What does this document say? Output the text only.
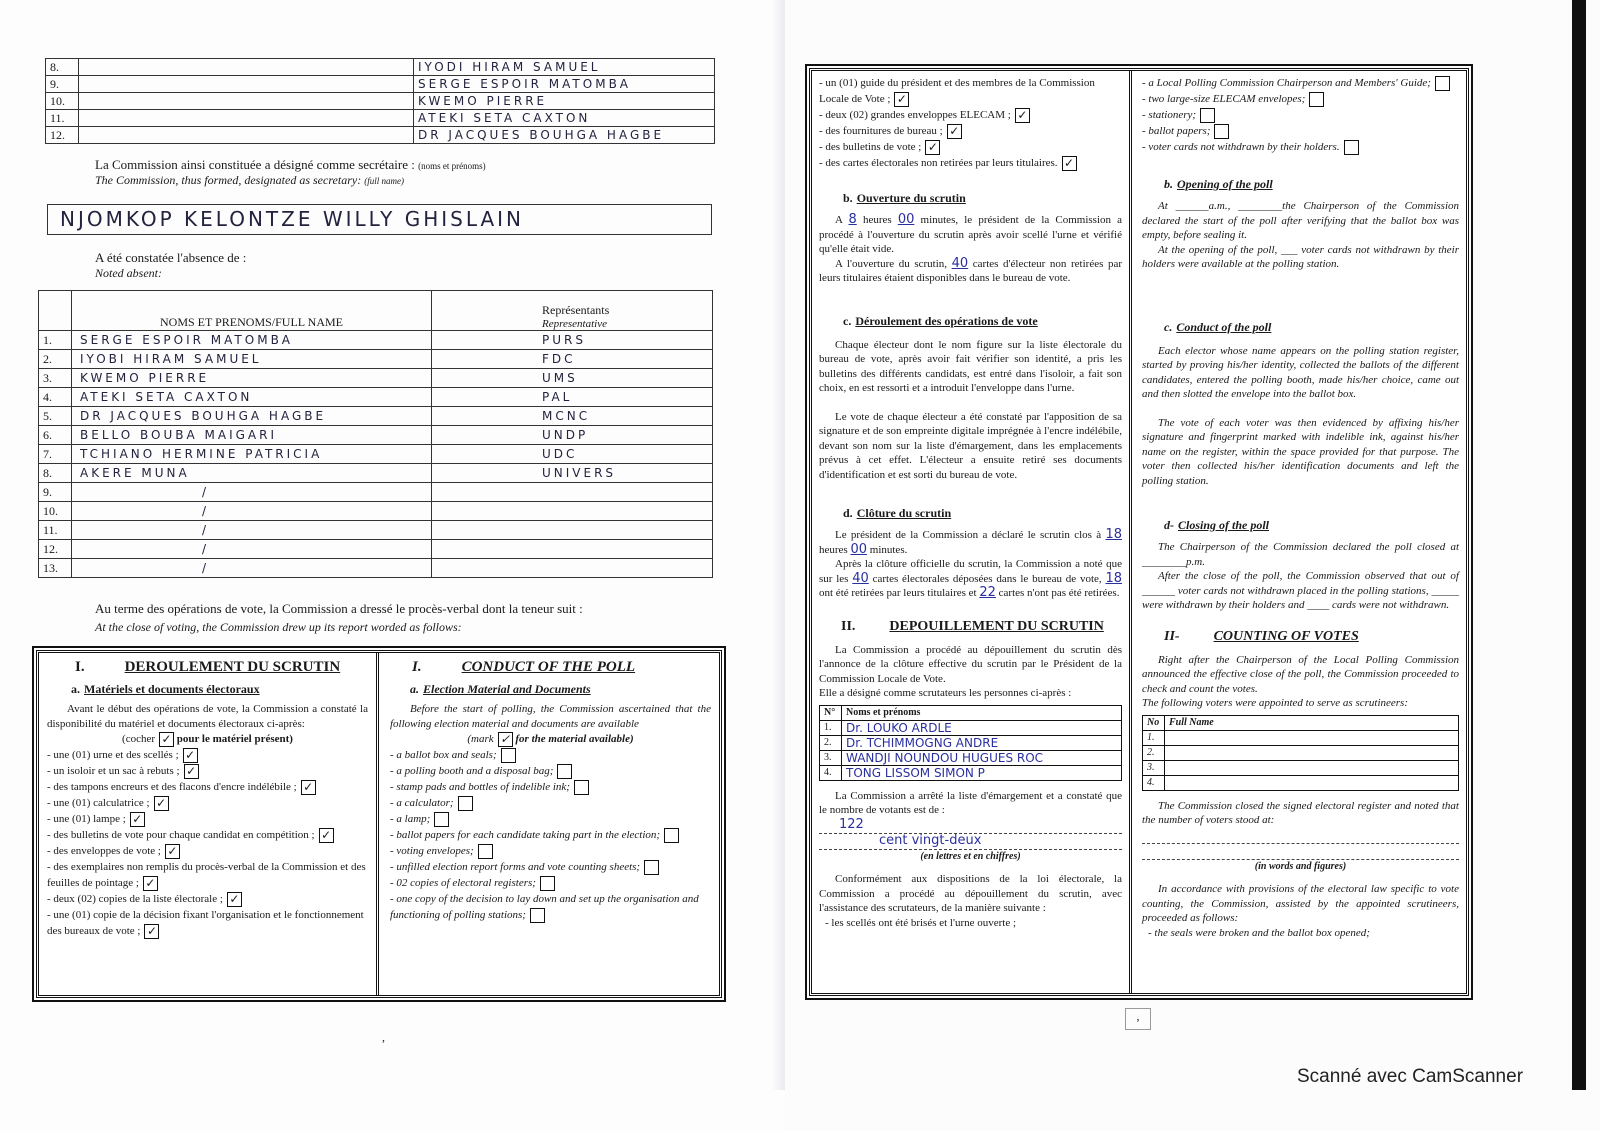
8.		IYODI HIRAM SAMUEL
9.		SERGE ESPOIR MATOMBA
10.		KWEMO PIERRE
11.		ATEKI SETA CAXTON
12.		DR JACQUES BOUHGA HAGBE
La Commission ainsi constituée a désigné comme secrétaire : (noms et prénoms)
The Commission, thus formed, designated as secretary: (full name)
NJOMKOP KELONTZE WILLY GHISLAIN
A été constatée l'absence de :
Noted absent:
	NOMS ET PRENOMS/FULL NAME	Représentants
Representative

1.	SERGE ESPOIR MATOMBA	PURS
2.	IYOBI HIRAM SAMUEL	FDC
3.	KWEMO PIERRE	UMS
4.	ATEKI SETA CAXTON	PAL
5.	DR JACQUES BOUHGA HAGBE	MCNC
6.	BELLO BOUBA MAIGARI	UNDP
7.	TCHIANO HERMINE PATRICIA	UDC
8.	AKERE MUNA	UNIVERS
9.	/	
10.	/	
11.	/	
12.	/	
13.	/	
Au terme des opérations de vote, la Commission a dressé le procès-verbal dont la teneur suit :
At the close of voting, the Commission drew up its report worded as follows:
I.	DEROULEMENT DU SCRUTIN
a. Matériels et documents électoraux
Avant le début des opérations de vote, la Commission a constaté la disponibilité du matériel et documents électoraux ci-après:
(cocher ✓ pour le matériel présent)
- une (01) urne et des scellés ; ✓
- un isoloir et un sac à rebuts ; ✓
- des tampons encreurs et des flacons d'encre indélébile ; ✓
- une (01) calculatrice ; ✓
- une (01) lampe ; ✓
- des bulletins de vote pour chaque candidat en compétition ; ✓
- des enveloppes de vote ; ✓
- des exemplaires non remplis du procès-verbal de la Commission et des feuilles de pointage ; ✓
- deux (02) copies de la liste électorale ; ✓
- une (01) copie de la décision fixant l'organisation et le fonctionnement des bureaux de vote ; ✓
I.	CONDUCT OF THE POLL
a. Election Material and Documents
Before the start of polling, the Commission ascertained that the following election material and documents are available
(mark ✓ for the material available)
- a ballot box and seals;
- a polling booth and a disposal bag;
- stamp pads and bottles of indelible ink;
- a calculator;
- a lamp;
- ballot papers for each candidate taking part in the election;
- voting envelopes;
- unfilled election report forms and vote counting sheets;
- 02 copies of electoral registers;
- one copy of the decision to lay down and set up the organisation and functioning of polling stations;
,
- un (01) guide du président et des membres de la Commission Locale de Vote ; ✓
- deux (02) grandes enveloppes ELECAM ; ✓
- des fournitures de bureau ; ✓
- des bulletins de vote ; ✓
- des cartes électorales non retirées par leurs titulaires. ✓
b. Ouverture du scrutin
A 8 heures 00 minutes, le président de la Commission a procédé à l'ouverture du scrutin après avoir scellé l'urne et vérifié qu'elle était vide.
A l'ouverture du scrutin, 40 cartes d'électeur non retirées par leurs titulaires étaient disponibles dans le bureau de vote.
c. Déroulement des opérations de vote
Chaque électeur dont le nom figure sur la liste électorale du bureau de vote, après avoir fait vérifier son identité, a pris les bulletins des différents candidats, est entré dans l'isoloir, a fait son choix, en est ressorti et a introduit l'enveloppe dans l'urne.
Le vote de chaque électeur a été constaté par l'apposition de sa signature et de son empreinte digitale imprégnée à l'encre indélébile, devant son nom sur la liste d'émargement, dans les emplacements prévus à cet effet. L'électeur a ensuite retiré ses documents d'identification et est sorti du bureau de vote.
d. Clôture du scrutin
Le président de la Commission a déclaré le scrutin clos à 18 heures 00 minutes.
Après la clôture officielle du scrutin, la Commission a noté que sur les 40 cartes électorales déposées dans le bureau de vote, 18 ont été retirées par leurs titulaires et 22 cartes n'ont pas été retirées.
II. DEPOUILLEMENT DU SCRUTIN
La Commission a procédé au dépouillement du scrutin dès l'annonce de la clôture effective du scrutin par le Président de la Commission Locale de Vote.
Elle a désigné comme scrutateurs les personnes ci-après :
N°	Noms et prénoms
1.	Dr. LOUKO ARDLE
2.	Dr. TCHIMMOGNG ANDRE
3.	WANDJI NOUNDOU HUGUES ROC
4.	TONG LISSOM SIMON P
La Commission a arrêté la liste d'émargement et a constaté que le nombre de votants est de :
122
cent vingt-deux
(en lettres et en chiffres)
Conformément aux dispositions de la loi électorale, la Commission a procédé au dépouillement du scrutin, avec l'assistance des scrutateurs, de la manière suivante :
- les scellés ont été brisés et l'urne ouverte ;
- a Local Polling Commission Chairperson and Members' Guide;
- two large-size ELECAM envelopes;
- stationery;
- ballot papers;
- voter cards not withdrawn by their holders.
b. Opening of the poll
At ______a.m., ________the Chairperson of the Commission declared the start of the poll after verifying that the ballot box was empty, before sealing it.
At the opening of the poll, ___ voter cards not withdrawn by their holders were available at the polling station.
c. Conduct of the poll
Each elector whose name appears on the polling station register, started by proving his/her identity, collected the ballots of the different candidates, entered the polling booth, made his/her choice, came out and then slotted the envelope into the ballot box.
The vote of each voter was then evidenced by affixing his/her signature and fingerprint marked with indelible ink, against his/her name on the register, within the space provided for that purpose. The voter then collected his/her identification documents and left the polling station.
d- Closing of the poll
The Chairperson of the Commission declared the poll closed at ________p.m.
After the close of the poll, the Commission observed that out of ______ voter cards not withdrawn placed in the polling stations, _____ were withdrawn by their holders and ____ cards were not withdrawn.
II- COUNTING OF VOTES
Right after the Chairperson of the Local Polling Commission announced the effective close of the poll, the Commission proceeded to check and count the votes.
The following voters were appointed to serve as scrutineers:
No	Full Name
1.	
2.	
3.	
4.	
The Commission closed the signed electoral register and noted that the number of voters stood at:
(in words and figures)
In accordance with provisions of the electoral law specific to vote counting, the Commission, assisted by the appointed scrutineers, proceeded as follows:
- the seals were broken and the ballot box opened;
,
Scanné avec CamScanner
